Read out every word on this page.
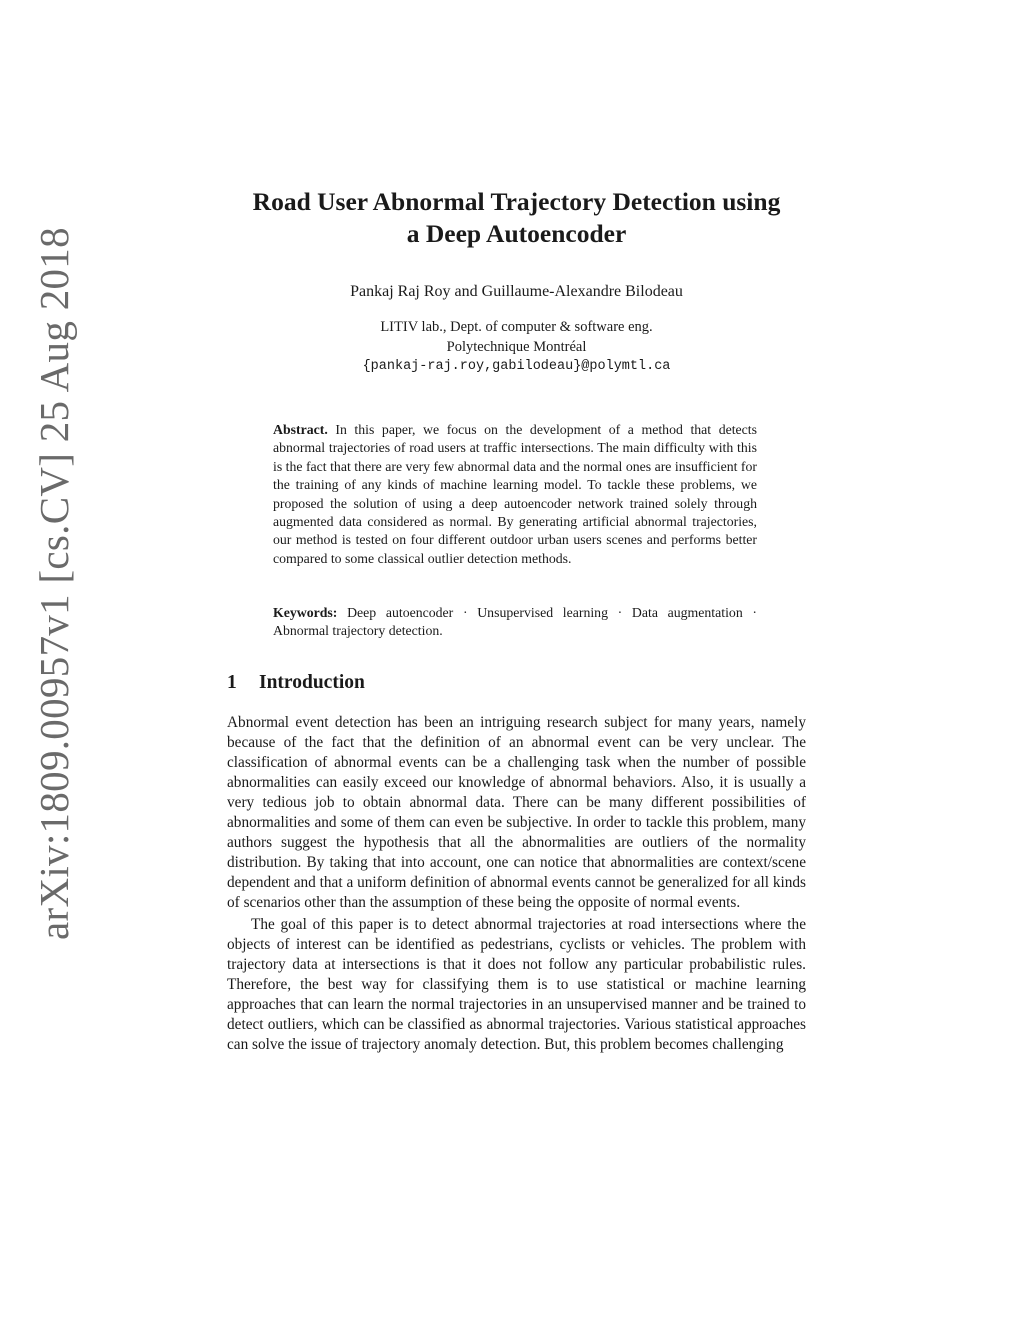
arXiv:1809.00957v1 [cs.CV] 25 Aug 2018
Road User Abnormal Trajectory Detection using
a Deep Autoencoder
Pankaj Raj Roy and Guillaume-Alexandre Bilodeau
LITIV lab., Dept. of computer & software eng.
Polytechnique Montréal
{pankaj-raj.roy,gabilodeau}@polymtl.ca
Abstract. In this paper, we focus on the development of a method that detects abnormal trajectories of road users at traffic intersections. The main difficulty with this is the fact that there are very few abnormal data and the normal ones are insufficient for the training of any kinds of machine learning model. To tackle these problems, we proposed the solution of using a deep autoencoder network trained solely through augmented data considered as normal. By generating artificial abnormal trajectories, our method is tested on four different outdoor urban users scenes and performs better compared to some classical outlier detection methods.
Keywords: Deep autoencoder · Unsupervised learning · Data augmentation · Abnormal trajectory detection.
1 Introduction

Abnormal event detection has been an intriguing research subject for many years, namely because of the fact that the definition of an abnormal event can be very unclear. The classification of abnormal events can be a challenging task when the number of possible abnormalities can easily exceed our knowledge of abnormal behaviors. Also, it is usually a very tedious job to obtain abnormal data. There can be many different possibilities of abnormalities and some of them can even be subjective. In order to tackle this problem, many authors suggest the hypothesis that all the abnormalities are outliers of the normality distribution. By taking that into account, one can notice that abnormalities are context/scene dependent and that a uniform definition of abnormal events cannot be generalized for all kinds of scenarios other than the assumption of these being the opposite of normal events.

The goal of this paper is to detect abnormal trajectories at road intersections where the objects of interest can be identified as pedestrians, cyclists or vehicles. The problem with trajectory data at intersections is that it does not follow any particular probabilistic rules. Therefore, the best way for classifying them is to use statistical or machine learning approaches that can learn the normal trajectories in an unsupervised manner and be trained to detect outliers, which can be classified as abnormal trajectories. Various statistical approaches can solve the issue of trajectory anomaly detection. But, this problem becomes challenging
